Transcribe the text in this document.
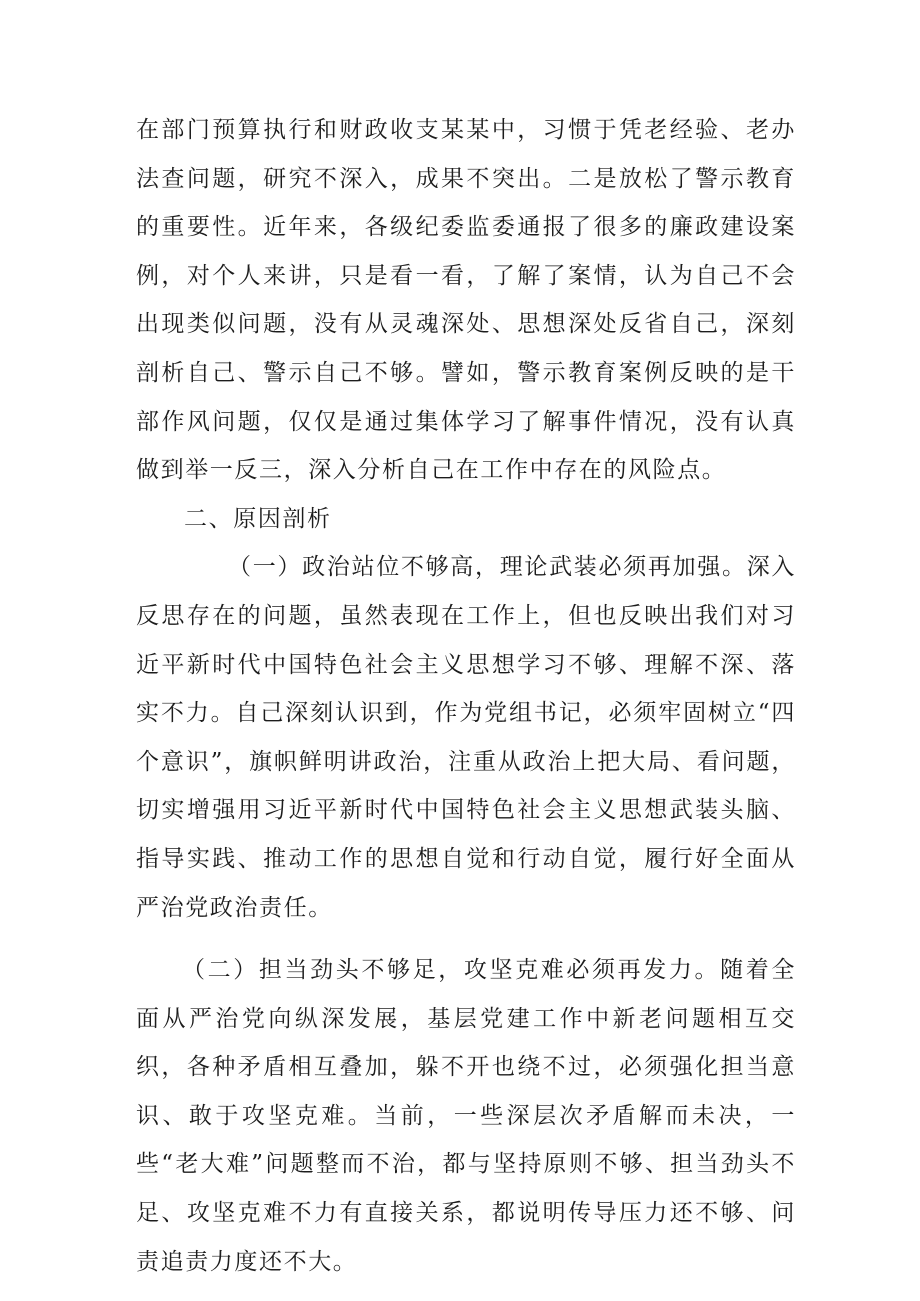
在部门预算执行和财政收支某某中，习惯于凭老经验、老办法查问题，研究不深入，成果不突出。二是放松了警示教育的重要性。近年来，各级纪委监委通报了很多的廉政建设案例，对个人来讲，只是看一看，了解了案情，认为自己不会出现类似问题，没有从灵魂深处、思想深处反省自己，深刻剖析自己、警示自己不够。譬如，警示教育案例反映的是干部作风问题，仅仅是通过集体学习了解事件情况，没有认真做到举一反三，深入分析自己在工作中存在的风险点。

二、原因剖析

（一）政治站位不够高，理论武装必须再加强。深入反思存在的问题，虽然表现在工作上，但也反映出我们对习近平新时代中国特色社会主义思想学习不够、理解不深、落实不力。自己深刻认识到，作为党组书记，必须牢固树立“四个意识”，旗帜鲜明讲政治，注重从政治上把大局、看问题，切实增强用习近平新时代中国特色社会主义思想武装头脑、指导实践、推动工作的思想自觉和行动自觉，履行好全面从严治党政治责任。

（二）担当劲头不够足，攻坚克难必须再发力。随着全面从严治党向纵深发展，基层党建工作中新老问题相互交织，各种矛盾相互叠加，躲不开也绕不过，必须强化担当意识、敢于攻坚克难。当前，一些深层次矛盾解而未决，一些“老大难”问题整而不治，都与坚持原则不够、担当劲头不足、攻坚克难不力有直接关系，都说明传导压力还不够、问责追责力度还不大。
